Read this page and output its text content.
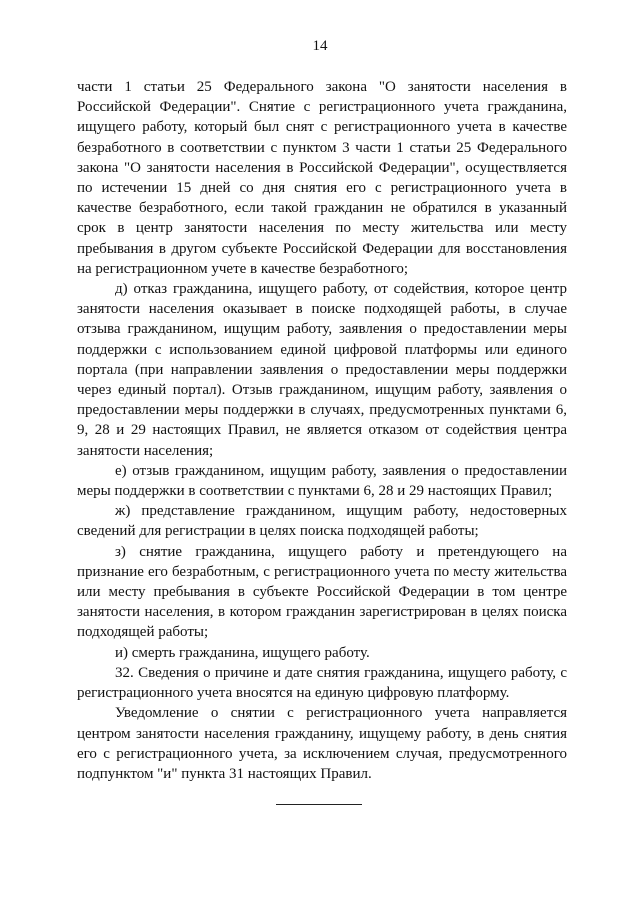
14

части 1 статьи 25 Федерального закона "О занятости населения в Российской Федерации". Снятие с регистрационного учета гражданина, ищущего работу, который был снят с регистрационного учета в качестве безработного в соответствии с пунктом 3 части 1 статьи 25 Федерального закона "О занятости населения в Российской Федерации", осуществляется по истечении 15 дней со дня снятия его с регистрационного учета в качестве безработного, если такой гражданин не обратился в указанный срок в центр занятости населения по месту жительства или месту пребывания в другом субъекте Российской Федерации для восстановления на регистрационном учете в качестве безработного;

д) отказ гражданина, ищущего работу, от содействия, которое центр занятости населения оказывает в поиске подходящей работы, в случае отзыва гражданином, ищущим работу, заявления о предоставлении меры поддержки с использованием единой цифровой платформы или единого портала (при направлении заявления о предоставлении меры поддержки через единый портал). Отзыв гражданином, ищущим работу, заявления о предоставлении меры поддержки в случаях, предусмотренных пунктами 6, 9, 28 и 29 настоящих Правил, не является отказом от содействия центра занятости населения;

е) отзыв гражданином, ищущим работу, заявления о предоставлении меры поддержки в соответствии с пунктами 6, 28 и 29 настоящих Правил;

ж) представление гражданином, ищущим работу, недостоверных сведений для регистрации в целях поиска подходящей работы;

з) снятие гражданина, ищущего работу и претендующего на признание его безработным, с регистрационного учета по месту жительства или месту пребывания в субъекте Российской Федерации в том центре занятости населения, в котором гражданин зарегистрирован в целях поиска подходящей работы;

и) смерть гражданина, ищущего работу.

32. Сведения о причине и дате снятия гражданина, ищущего работу, с регистрационного учета вносятся на единую цифровую платформу.

Уведомление о снятии с регистрационного учета направляется центром занятости населения гражданину, ищущему работу, в день снятия его с регистрационного учета, за исключением случая, предусмотренного подпунктом "и" пункта 31 настоящих Правил.
